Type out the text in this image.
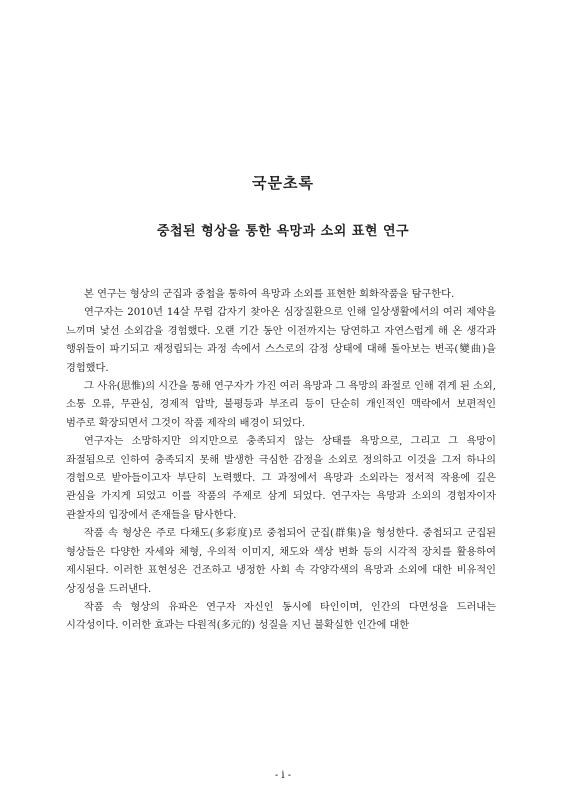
국문초록
중첩된 형상을 통한 욕망과 소외 표현 연구

본 연구는 형상의 군집과 중첩을 통하여 욕망과 소외를 표현한 회화작품을 탐구한다.

연구자는 2010년 14살 무렵 갑자기 찾아온 심장질환으로 인해 일상생활에서의 여러 제약을 느끼며 낯선 소외감을 경험했다. 오랜 기간 동안 이전까지는 당연하고 자연스럽게 해 온 생각과 행위들이 파기되고 재정립되는 과정 속에서 스스로의 감정 상태에 대해 돌아보는 변곡(變曲)을 경험했다.

그 사유(思惟)의 시간을 통해 연구자가 가진 여러 욕망과 그 욕망의 좌절로 인해 겪게 된 소외, 소통 오류, 무관심, 경제적 압박, 불평등과 부조리 등이 단순히 개인적인 맥락에서 보편적인 범주로 확장되면서 그것이 작품 제작의 배경이 되었다.

연구자는 소망하지만 의지만으로 충족되지 않는 상태를 욕망으로, 그리고 그 욕망이 좌절됨으로 인하여 충족되지 못해 발생한 극심한 감정을 소외로 정의하고 이것을 그저 하나의 경험으로 받아들이고자 부단히 노력했다. 그 과정에서 욕망과 소외라는 정서적 작용에 깊은 관심을 가지게 되었고 이를 작품의 주제로 삼게 되었다. 연구자는 욕망과 소외의 경험자이자 관찰자의 입장에서 존재들을 탐사한다.

작품 속 형상은 주로 다채도(多彩度)로 중첩되어 군집(群集)을 형성한다. 중첩되고 군집된 형상들은 다양한 자세와 체형, 우의적 이미지, 채도와 색상 변화 등의 시각적 장치를 활용하여 제시된다. 이러한 표현성은 건조하고 냉정한 사회 속 각양각색의 욕망과 소외에 대한 비유적인 상징성을 드러낸다.

작품 속 형상의 유파은 연구자 자신인 동시에 타인이며, 인간의 다면성을 드러내는 시각성이다. 이러한 효과는 다원적(多元的) 성질을 지닌 불확실한 인간에 대한

- i -
